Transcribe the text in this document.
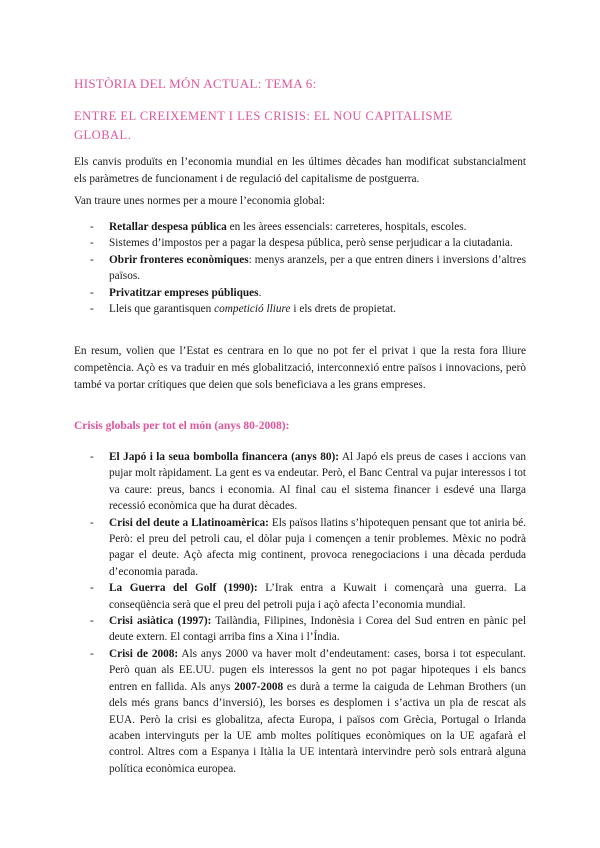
HISTÒRIA DEL MÓN ACTUAL: TEMA 6:
ENTRE EL CREIXEMENT I LES CRISIS: EL NOU CAPITALISME GLOBAL.
Els canvis produïts en l’economia mundial en les últimes dècades han modificat substancialment els paràmetres de funcionament i de regulació del capitalisme de postguerra.
Van traure unes normes per a moure l’economia global:
- Retallar despesa pública en les àrees essencials: carreteres, hospitals, escoles.
- Sistemes d’impostos per a pagar la despesa pública, però sense perjudicar a la ciutadania.
- Obrir fronteres econòmiques: menys aranzels, per a que entren diners i inversions d’altres països.
- Privatitzar empreses públiques.
- Lleis que garantisquen competició lliure i els drets de propietat.
En resum, volien que l’Estat es centrara en lo que no pot fer el privat i que la resta fora lliure competència. Açò es va traduir en més globalització, interconnexió entre països i innovacions, però també va portar crítiques que deien que sols beneficiava a les grans empreses.
Crisis globals per tot el món (anys 80-2008):
- El Japó i la seua bombolla financera (anys 80): Al Japó els preus de cases i accions van pujar molt ràpidament. La gent es va endeutar. Però, el Banc Central va pujar interessos i tot va caure: preus, bancs i economia. Al final cau el sistema financer i esdevé una llarga recessió econòmica que ha durat dècades.
- Crisi del deute a Llatinoamèrica: Els països llatins s’hipotequen pensant que tot aniria bé. Però: el preu del petroli cau, el dòlar puja i començen a tenir problemes. Mèxic no podrà pagar el deute. Açò afecta mig continent, provoca renegociacions i una dècada perduda d’economia parada.
- La Guerra del Golf (1990): L’Irak entra a Kuwait i començarà una guerra. La conseqüència serà que el preu del petroli puja i açò afecta l’economia mundial.
- Crisi asiàtica (1997): Tailàndia, Filipines, Indonèsia i Corea del Sud entren en pànic pel deute extern. El contagi arriba fins a Xina i l’Índia.
- Crisi de 2008: Als anys 2000 va haver molt d’endeutament: cases, borsa i tot especulant. Però quan als EE.UU. pugen els interessos la gent no pot pagar hipoteques i els bancs entren en fallida. Als anys 2007-2008 es durà a terme la caiguda de Lehman Brothers (un dels més grans bancs d’inversió), les borses es desplomen i s’activa un pla de rescat als EUA. Però la crisi es globalitza, afecta Europa, i països com Grècia, Portugal o Irlanda acaben intervinguts per la UE amb moltes polítiques econòmiques on la UE agafarà el control. Altres com a Espanya i Itàlia la UE intentarà intervindre però sols entrarà alguna política econòmica europea.
